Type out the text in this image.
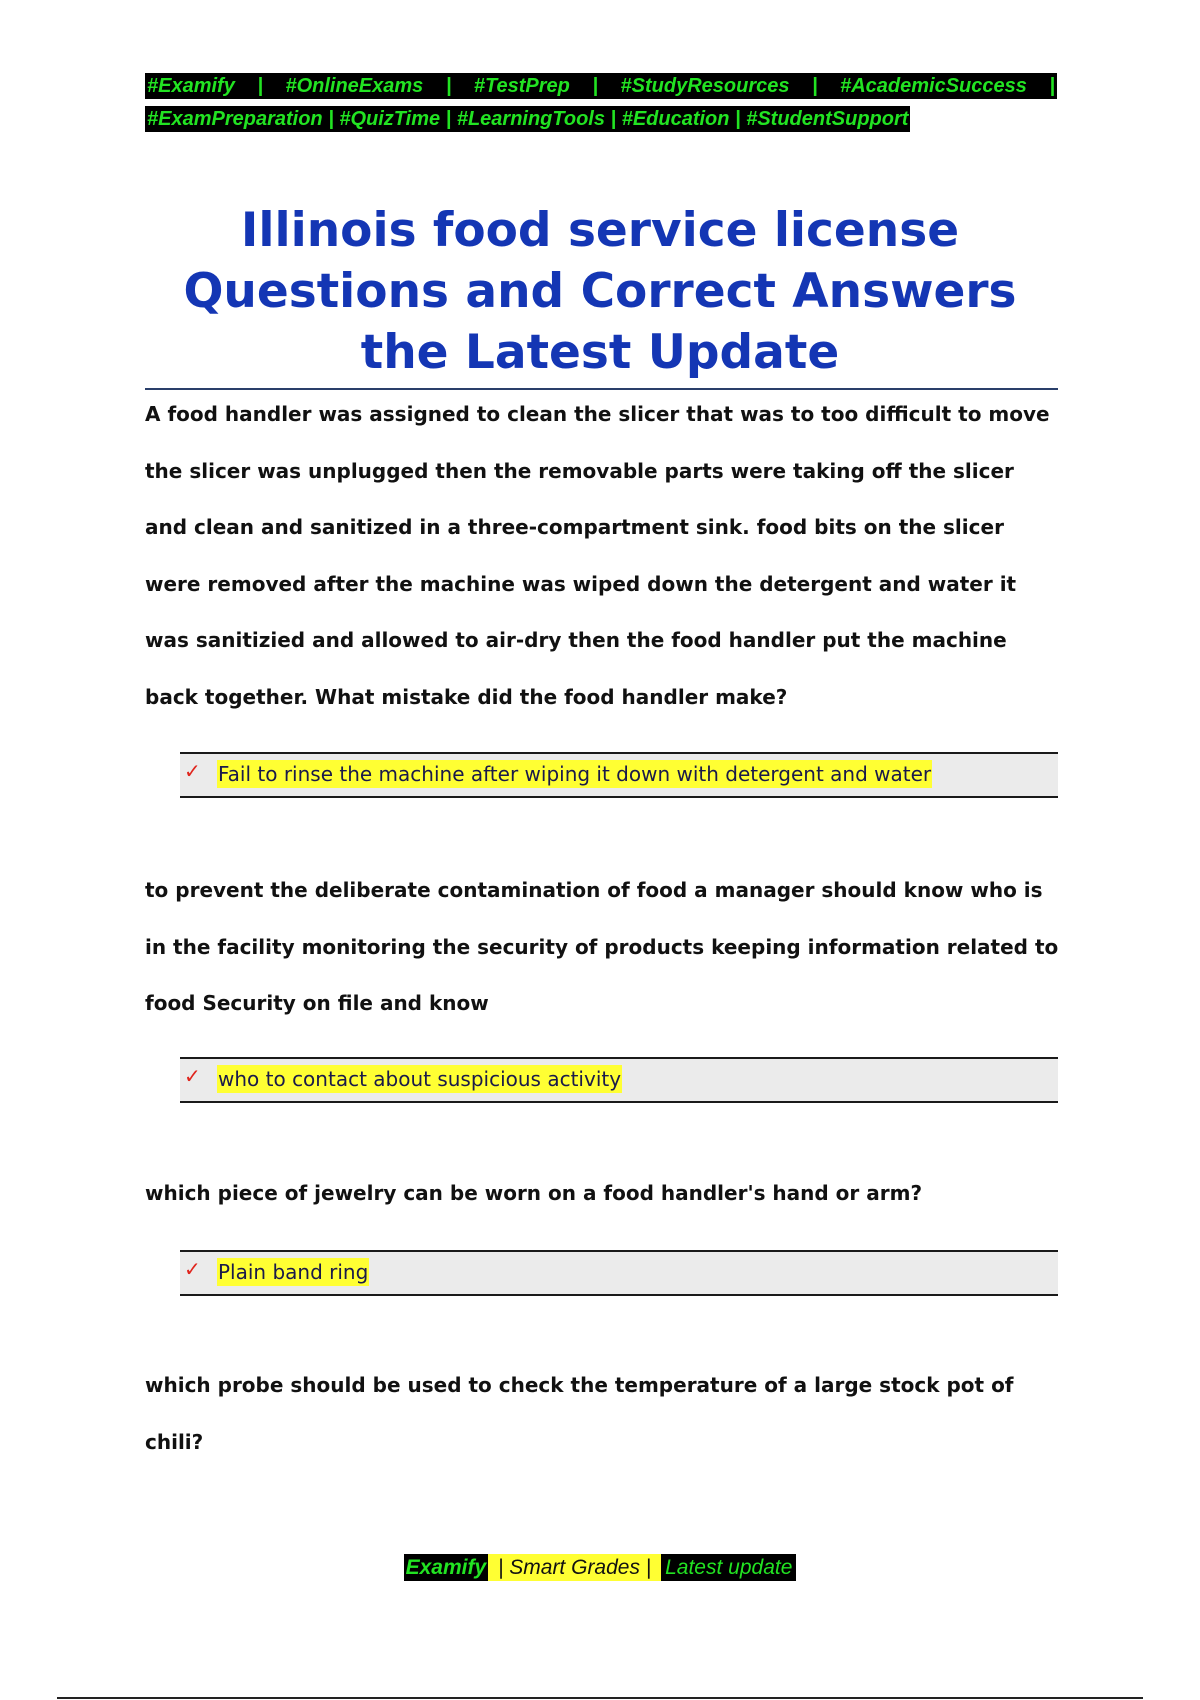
#Examify | #OnlineExams | #TestPrep | #StudyResources | #AcademicSuccess |
#ExamPreparation | #QuizTime | #LearningTools | #Education | #StudentSupport
Illinois food service license Questions and Correct Answers the Latest Update

A food handler was assigned to clean the slicer that was to too difficult to move the slicer was unplugged then the removable parts were taking off the slicer and clean and sanitized in a three-compartment sink. food bits on the slicer were removed after the machine was wiped down the detergent and water it was sanitizied and allowed to air-dry then the food handler put the machine back together. What mistake did the food handler make?

✓ Fail to rinse the machine after wiping it down with detergent and water

to prevent the deliberate contamination of food a manager should know who is in the facility monitoring the security of products keeping information related to food Security on file and know

✓ who to contact about suspicious activity

which piece of jewelry can be worn on a food handler's hand or arm?

✓ Plain band ring

which probe should be used to check the temperature of a large stock pot of chili?

Examify | Smart Grades | Latest update
